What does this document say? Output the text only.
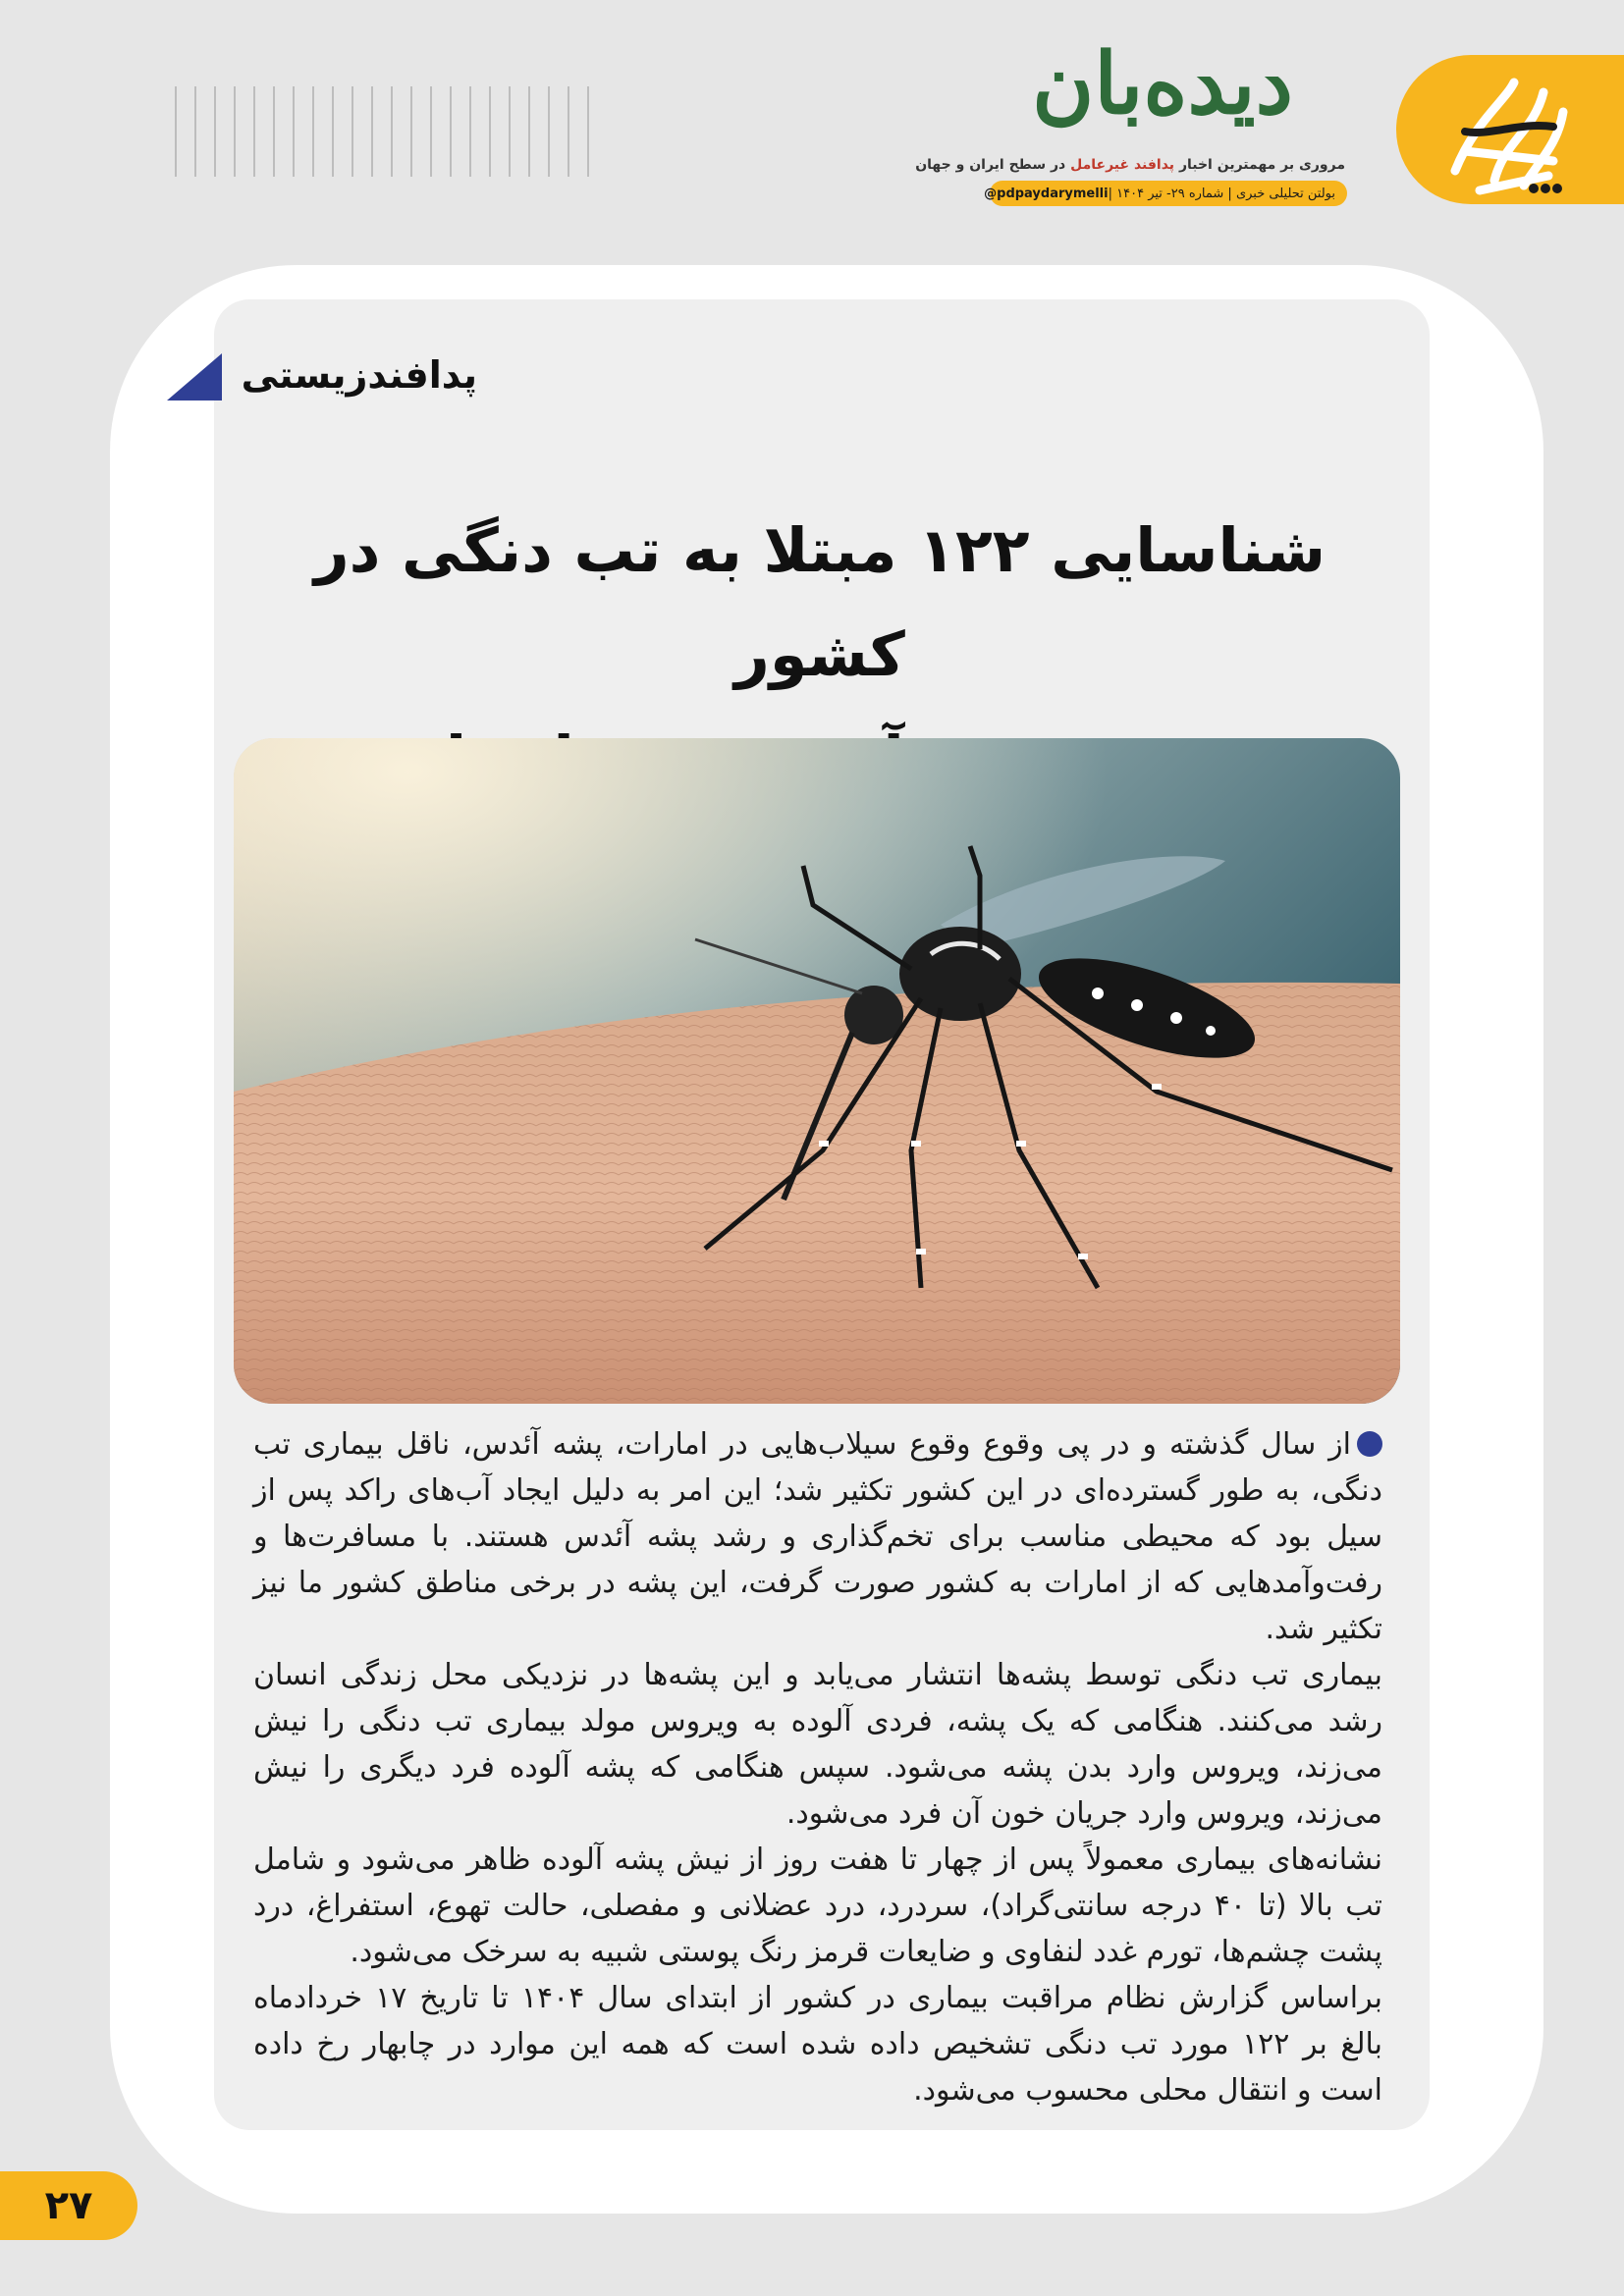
دیده‌بان
مروری بر مهمترین اخبار پدافند غیرعامل در سطح ایران و جهان
بولتن تحلیلی خبری | شماره ۲۹- تیر ۱۴۰۴ |
@pdpaydarymelli
پدافندزیستی
شناسایی ۱۲۲ مبتلا به تب دنگی در کشور

از سال گذشته و در پی وقوع وقوع سیلاب‌هایی در امارات، پشه آئدس، ناقل بیماری تب دنگی، به طور گسترده‌ای در این کشور تکثیر شد؛ این امر به دلیل ایجاد آب‌های راکد پس از سیل بود که محیطی مناسب برای تخم‌گذاری و رشد پشه آئدس هستند. با مسافرت‌ها و رفت‌وآمدهایی که از امارات به کشور صورت گرفت، این پشه در برخی مناطق کشور ما نیز تکثیر شد.

بیماری تب دنگی توسط پشه‌ها انتشار می‌یابد و این پشه‌ها در نزدیکی محل زندگی انسان رشد می‌کنند. هنگامی که یک پشه، فردی آلوده به ویروس مولد بیماری تب دنگی را نیش می‌زند، ویروس وارد بدن پشه می‌شود. سپس هنگامی که پشه آلوده فرد دیگری را نیش می‌زند، ویروس وارد جریان خون آن فرد می‌شود.

نشانه‌های بیماری معمولاً پس از چهار تا هفت روز از نیش پشه آلوده ظاهر می‌شود و شامل تب بالا (تا ۴۰ درجه سانتی‌گراد)، سردرد، درد عضلانی و مفصلی، حالت تهوع، استفراغ، درد پشت چشم‌ها، تورم غدد لنفاوی و ضایعات قرمز رنگ پوستی شبیه به سرخک می‌شود.

براساس گزارش نظام مراقبت بیماری در کشور از ابتدای سال ۱۴۰۴ تا تاریخ ۱۷ خردادماه بالغ بر ۱۲۲ مورد تب دنگی تشخیص داده شده است که همه این موارد در چابهار رخ داده است و انتقال محلی محسوب می‌شود.

۲۷
